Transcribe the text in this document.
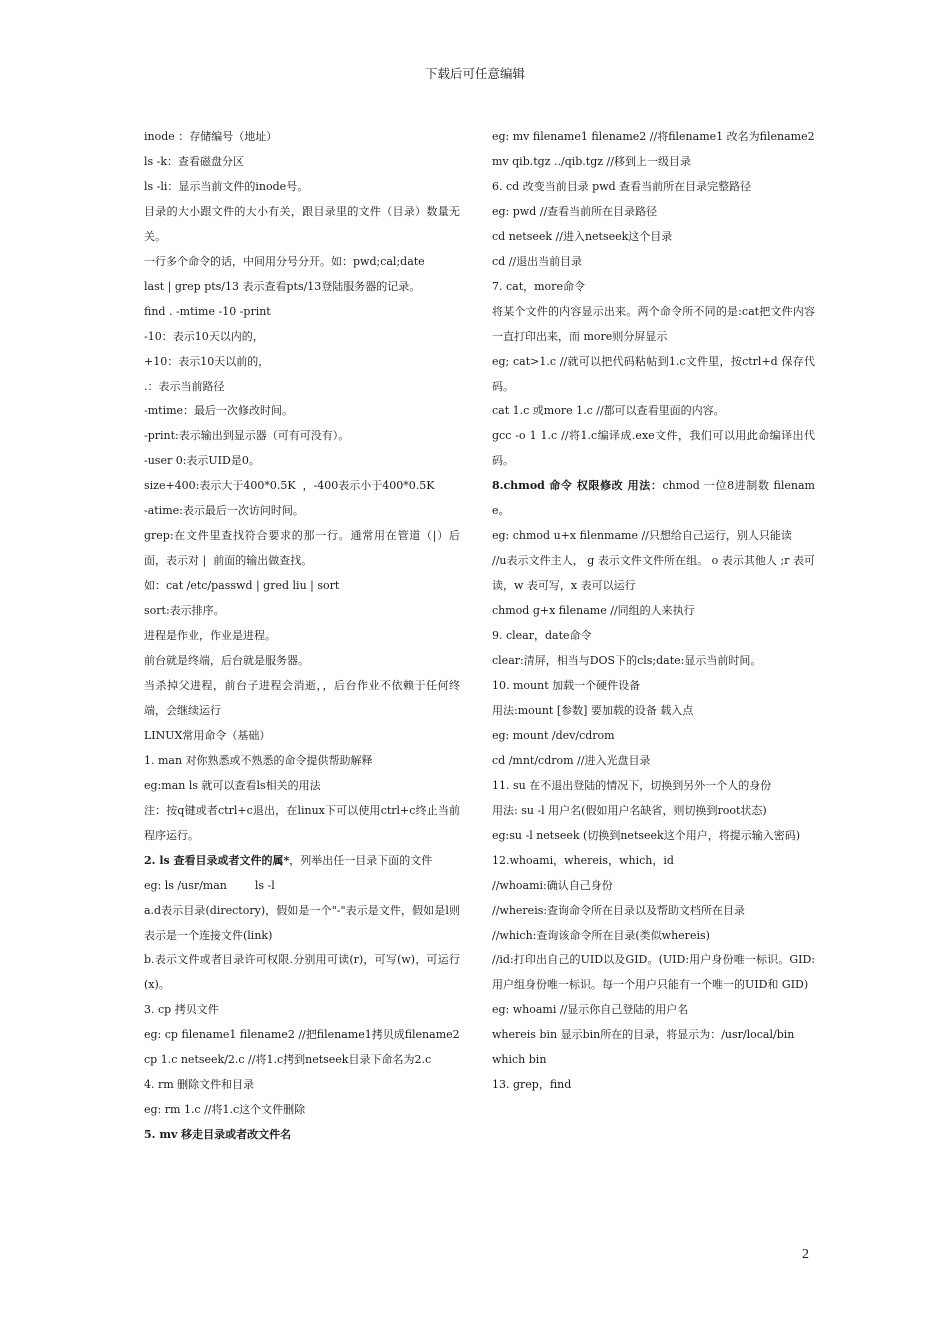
下载后可任意编辑

inode ：存储编号（地址）

ls -k：查看磁盘分区

ls -li：显示当前文件的inode号。

目录的大小跟文件的大小有关，跟目录里的文件（目录）数量无关。

一行多个命令的话，中间用分号分开。如：pwd;cal;date

last | grep pts/13 表示查看pts/13登陆服务器的记录。

find . -mtime -10 -print

-10：表示10天以内的，

+10：表示10天以前的，

.：表示当前路径

-mtime：最后一次修改时间。

-print:表示输出到显示器（可有可没有）。

-user 0:表示UID是0。

size+400:表示大于400*0.5K  ，-400表示小于400*0.5K

-atime:表示最后一次访问时间。

grep:在文件里查找符合要求的那一行。通常用在管道（|）后面，表示对 |  前面的输出做查找。

如：cat /etc/passwd | gred liu | sort

sort:表示排序。

进程是作业，作业是进程。

前台就是终端，后台就是服务器。

当杀掉父进程，前台子进程会消逝，，后台作业不依赖于任何终端，会继续运行

LINUX常用命令（基础）

1. man 对你熟悉或不熟悉的命令提供帮助解释

eg:man ls 就可以查看ls相关的用法

注：按q键或者ctrl+c退出，在linux下可以使用ctrl+c终止当前程序运行。

2. ls 查看目录或者文件的属*，列举出任一目录下面的文件

eg: ls /usr/man        ls -l

a.d表示目录(directory)，假如是一个"-"表示是文件，假如是l则表示是一个连接文件(link)

b.表示文件或者目录许可权限.分别用可读(r)，可写(w)，可运行(x)。

3. cp 拷贝文件

eg: cp filename1 filename2 //把filename1拷贝成filename2

cp 1.c netseek/2.c //将1.c拷到netseek目录下命名为2.c

4. rm 删除文件和目录

eg: rm 1.c //将1.c这个文件删除

5. mv 移走目录或者改文件名

eg: mv filename1 filename2 //将filename1 改名为filename2

mv qib.tgz ../qib.tgz //移到上一级目录

6. cd 改变当前目录 pwd 查看当前所在目录完整路径

eg: pwd //查看当前所在目录路径

cd netseek //进入netseek这个目录

cd //退出当前目录

7. cat，more命令

将某个文件的内容显示出来。两个命令所不同的是:cat把文件内容一直打印出来，而 more则分屏显示

eg; cat>1.c //就可以把代码粘帖到1.c文件里，按ctrl+d 保存代码。

cat 1.c 或more 1.c //都可以查看里面的内容。

gcc -o 1 1.c //将1.c编译成.exe文件，我们可以用此命编译出代码。

8.chmod 命令 权限修改 用法：chmod 一位8进制数 filename。

eg: chmod u+x filenmame //只想给自己运行，别人只能读

//u表示文件主人， g 表示文件文件所在组。 o 表示其他人 ;r 表可读，w 表可写，x 表可以运行

chmod g+x filename //同组的人来执行

9. clear，date命令

clear:清屏，相当与DOS下的cls;date:显示当前时间。

10. mount 加载一个硬件设备

用法:mount [参数] 要加载的设备 载入点

eg: mount /dev/cdrom

cd /mnt/cdrom //进入光盘目录

11. su 在不退出登陆的情况下，切换到另外一个人的身份

用法: su -l 用户名(假如用户名缺省，则切换到root状态)

eg:su -l netseek (切换到netseek这个用户，将提示输入密码)

12.whoami，whereis，which，id

//whoami:确认自己身份

//whereis:查询命令所在目录以及帮助文档所在目录

//which:查询该命令所在目录(类似whereis)

//id:打印出自己的UID以及GID。(UID:用户身份唯一标识。GID:用户组身份唯一标识。每一个用户只能有一个唯一的UID和 GID)

eg: whoami //显示你自己登陆的用户名

whereis bin 显示bin所在的目录，将显示为：/usr/local/bin

which bin

13. grep，find

2
